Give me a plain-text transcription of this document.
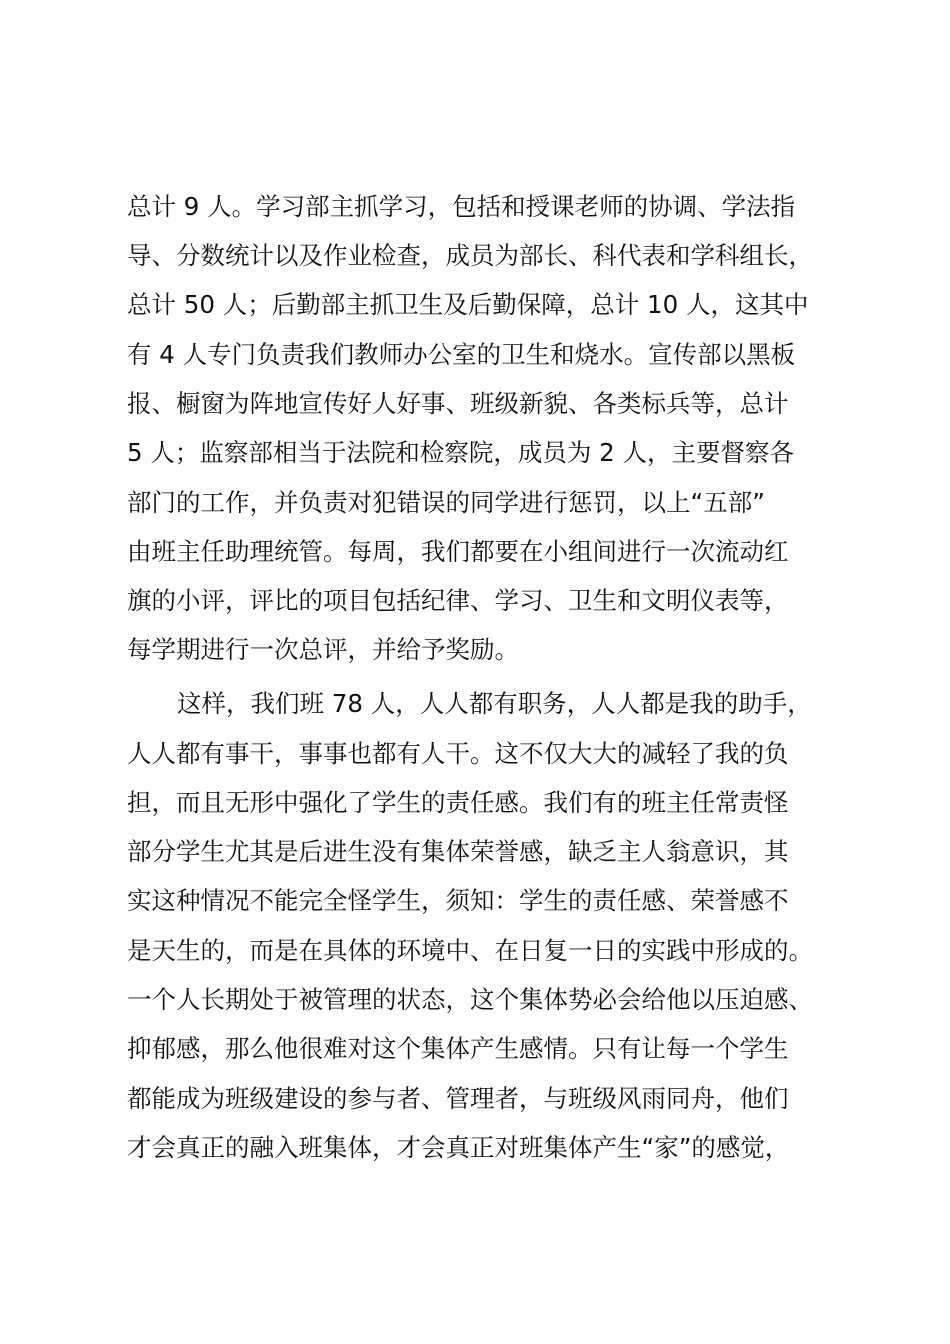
总计 9 人。学习部主抓学习，包括和授课老师的协调、学法指

导、分数统计以及作业检查，成员为部长、科代表和学科组长，

总计 50 人；后勤部主抓卫生及后勤保障，总计 10 人，这其中

有 4 人专门负责我们教师办公室的卫生和烧水。宣传部以黑板

报、橱窗为阵地宣传好人好事、班级新貌、各类标兵等，总计

5 人；监察部相当于法院和检察院，成员为 2 人，主要督察各

部门的工作，并负责对犯错误的同学进行惩罚，以上“五部”

由班主任助理统管。每周，我们都要在小组间进行一次流动红

旗的小评，评比的项目包括纪律、学习、卫生和文明仪表等，

每学期进行一次总评，并给予奖励。

这样，我们班 78 人，人人都有职务，人人都是我的助手，

人人都有事干，事事也都有人干。这不仅大大的减轻了我的负

担，而且无形中强化了学生的责任感。我们有的班主任常责怪

部分学生尤其是后进生没有集体荣誉感，缺乏主人翁意识，其

实这种情况不能完全怪学生，须知：学生的责任感、荣誉感不

是天生的，而是在具体的环境中、在日复一日的实践中形成的。

一个人长期处于被管理的状态，这个集体势必会给他以压迫感、

抑郁感，那么他很难对这个集体产生感情。只有让每一个学生

都能成为班级建设的参与者、管理者，与班级风雨同舟，他们

才会真正的融入班集体，才会真正对班集体产生“家”的感觉，
